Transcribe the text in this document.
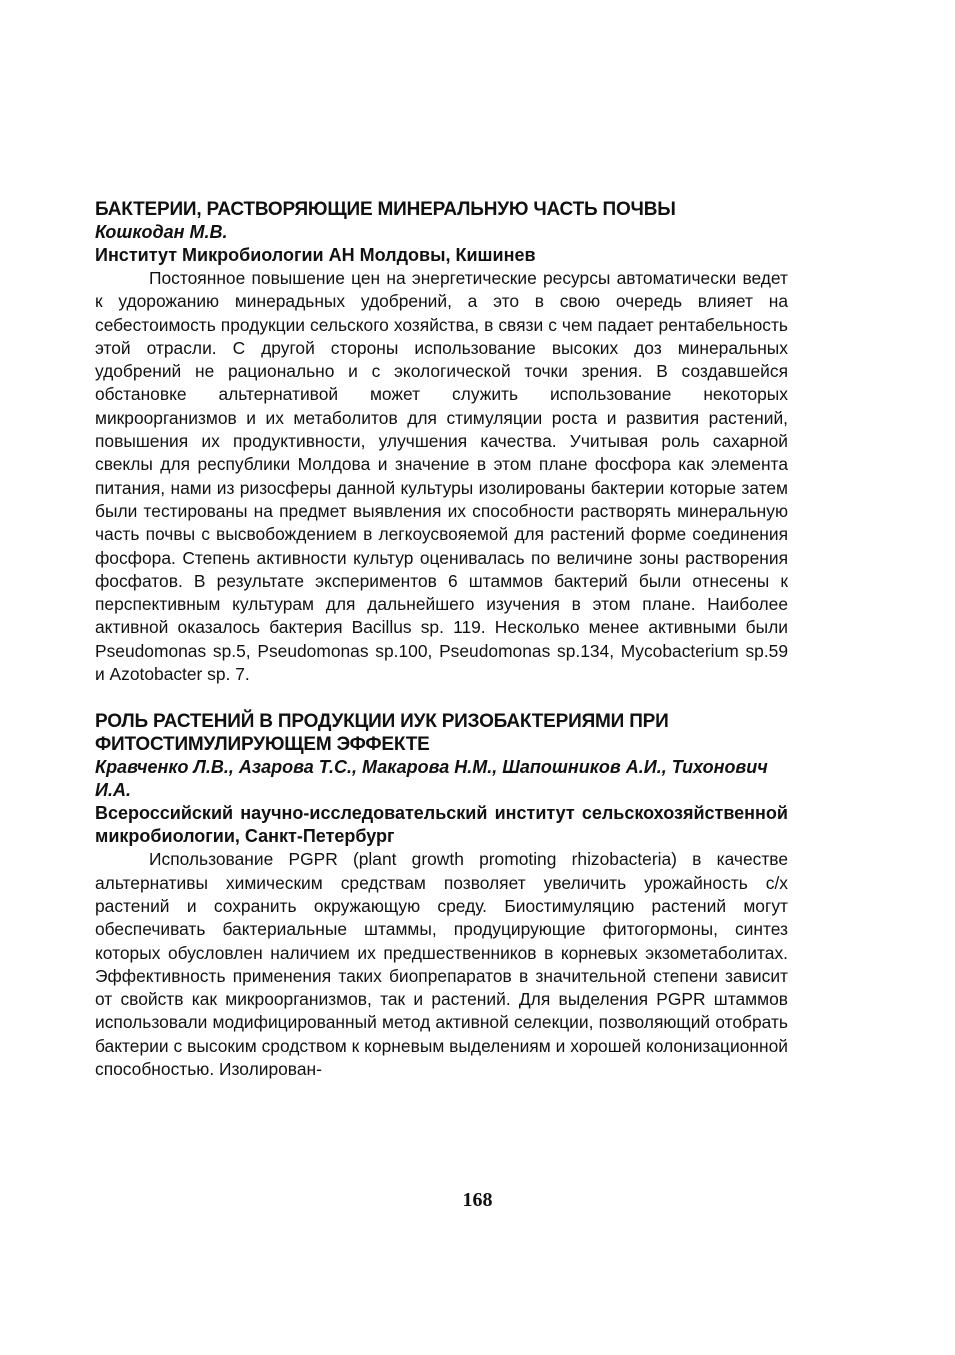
БАКТЕРИИ, РАСТВОРЯЮЩИЕ МИНЕРАЛЬНУЮ ЧАСТЬ ПОЧВЫ

Кошкодан М.В.

Институт Микробиологии АН Молдовы, Кишинев

Постоянное повышение цен на энергетические ресурсы автоматически ведет к удорожанию минерадьных удобрений, а это в свою очередь влияет на себестоимость продукции сельского хозяйства, в связи с чем падает рентабельность этой отрасли. С другой стороны использование высоких доз минеральных удобрений не рационально и с экологической точки зрения. В создавшейся обстановке альтернативой может служить использование некоторых микроорганизмов и их метаболитов для стимуляции роста и развития растений, повышения их продуктивности, улучшения качества. Учитывая роль сахарной свеклы для республики Молдова и значение в этом плане фосфора как элемента питания, нами из ризосферы данной культуры изолированы бактерии которые затем были тестированы на предмет выявления их способности растворять минеральную часть почвы с высвобождением в легкоусвояемой для растений форме соединения фосфора. Степень активности культур оценивалась по величине зоны растворения фосфатов. В результате экспериментов 6 штаммов бактерий были отнесены к перспективным культурам для дальнейшего изучения в этом плане. Наиболее активной оказалось бактерия Bacillus sp. 119. Несколько менее активными были Pseudomonas sp.5, Pseudomonas sp.100, Pseudomonas sp.134, Mycobacterium sp.59 и Azotobacter sp. 7.

РОЛЬ РАСТЕНИЙ В ПРОДУКЦИИ ИУК РИЗОБАКТЕРИЯМИ ПРИ ФИТОСТИМУЛИРУЮЩЕМ ЭФФЕКТЕ

Кравченко Л.В., Азарова Т.С., Макарова Н.М., Шапошников А.И., Тихонович И.А.

Всероссийский научно-исследовательский институт сельскохозяйственной микробиологии, Санкт-Петербург

Использование PGPR (plant growth promoting rhizobacteria) в качестве альтернативы химическим средствам позволяет увеличить урожайность с/х растений и сохранить окружающую среду. Биостимуляцию растений могут обеспечивать бактериальные штаммы, продуцирующие фитогормоны, синтез которых обусловлен наличием их предшественников в корневых экзометаболитах. Эффективность применения таких биопрепаратов в значительной степени зависит от свойств как микроорганизмов, так и растений. Для выделения PGPR штаммов использовали модифицированный метод активной селекции, позволяющий отобрать бактерии с высоким сродством к корневым выделениям и хорошей колонизационной способностью. Изолирован-

168
